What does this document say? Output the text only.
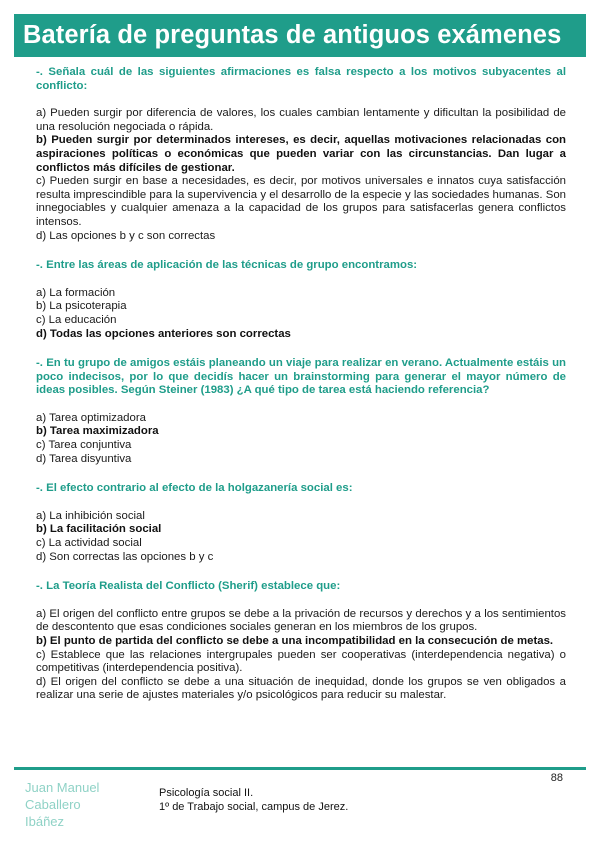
Batería de preguntas de antiguos exámenes

-. Señala cuál de las siguientes afirmaciones es falsa respecto a los motivos subyacentes al conflicto:

a) Pueden surgir por diferencia de valores, los cuales cambian lentamente y dificultan la posibilidad de una resolución negociada o rápida.

b) Pueden surgir por determinados intereses, es decir, aquellas motivaciones relacionadas con aspiraciones políticas o económicas que pueden variar con las circunstancias. Dan lugar a conflictos más difíciles de gestionar.

c) Pueden surgir en base a necesidades, es decir, por motivos universales e innatos cuya satisfacción resulta imprescindible para la supervivencia y el desarrollo de la especie y las sociedades humanas. Son innegociables y cualquier amenaza a la capacidad de los grupos para satisfacerlas genera conflictos intensos.

d) Las opciones b y c son correctas

-. Entre las áreas de aplicación de las técnicas de grupo encontramos:

a) La formación

b) La psicoterapia

c) La educación

d) Todas las opciones anteriores son correctas

-. En tu grupo de amigos estáis planeando un viaje para realizar en verano. Actualmente estáis un poco indecisos, por lo que decidís hacer un brainstorming para generar el mayor número de ideas posibles. Según Steiner (1983) ¿A qué tipo de tarea está haciendo referencia?

a) Tarea optimizadora

b) Tarea maximizadora

c) Tarea conjuntiva

d) Tarea disyuntiva

-. El efecto contrario al efecto de la holgazanería social es:

a) La inhibición social

b) La facilitación social

c) La actividad social

d) Son correctas las opciones b y c

-. La Teoría Realista del Conflicto (Sherif) establece que:

a) El origen del conflicto entre grupos se debe a la privación de recursos y derechos y a los sentimientos de descontento que esas condiciones sociales generan en los miembros de los grupos.

b) El punto de partida del conflicto se debe a una incompatibilidad en la consecución de metas.

c) Establece que las relaciones intergrupales pueden ser cooperativas (interdependencia negativa) o competitivas (interdependencia positiva).

d) El origen del conflicto se debe a una situación de inequidad, donde los grupos se ven obligados a realizar una serie de ajustes materiales y/o psicológicos para reducir su malestar.

88
Juan Manuel
Caballero
Ibáñez
Psicología social II.
1º de Trabajo social, campus de Jerez.
